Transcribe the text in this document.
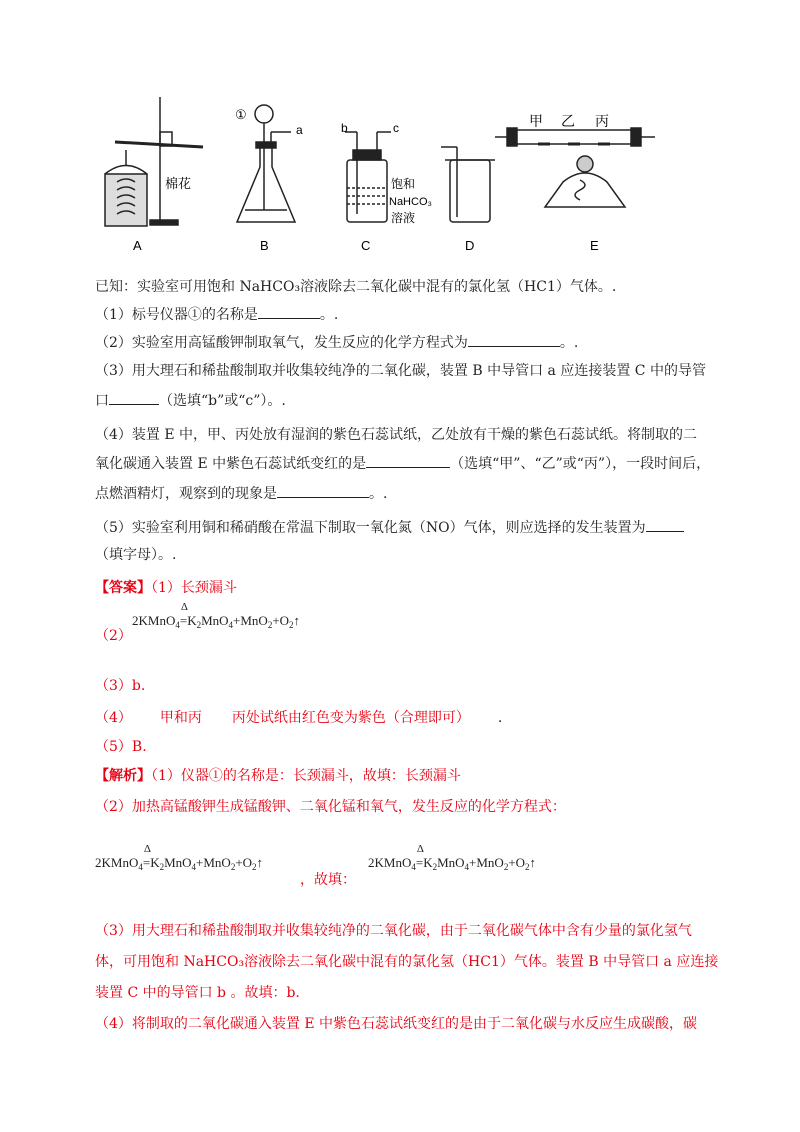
①
a	b	c
棉花	饱和
NaHCO₃
溶液
甲 乙 丙
A	B	C	D	E
已知：实验室可用饱和 NaHCO₃溶液除去二氧化碳中混有的氯化氢（HC1）气体。.
（1）标号仪器①的名称是	。.
（2）实验室用高锰酸钾制取氧气，发生反应的化学方程式为	。.
（3）用大理石和稀盐酸制取并收集较纯净的二氧化碳，装置 B 中导管口 a 应连接装置 C 中的导管
口	（选填“b”或“c”）。.
（4）装置 E 中，甲、丙处放有湿润的紫色石蕊试纸，乙处放有干燥的紫色石蕊试纸。将制取的二
氧化碳通入装置 E 中紫色石蕊试纸变红的是	（选填“甲”、“乙”或“丙”），一段时间后，
点燃酒精灯，观察到的现象是	。.
（5）实验室利用铜和稀硝酸在常温下制取一氧化氮（NO）气体，则应选择的发生装置为
（填字母）。.
【答案】（1）长颈漏斗
（2）
2KMnO$_4$
Δ
$=K_2MnO_4+MnO_2+O_2↑$
（3）b.
（4） 甲和丙 丙处试纸由红色变为紫色（合理即可） .
（5）B.
【解析】（1）仪器①的名称是：长颈漏斗，故填：长颈漏斗
（2）加热高锰酸钾生成锰酸钾、二氧化锰和氧气，发生反应的化学方程式：
2KMnO$_4$
Δ
$=K_2MnO_4+MnO_2+O_2↑$
，故填：
2KMnO$_4$
Δ
$=K_2MnO_4+MnO_2+O_2↑$
（3）用大理石和稀盐酸制取并收集较纯净的二氧化碳，由于二氧化碳气体中含有少量的氯化氢气
体，可用饱和 NaHCO₃溶液除去二氧化碳中混有的氯化氢（HC1）气体。装置 B 中导管口 a 应连接
装置 C 中的导管口 b 。故填：b.
（4）将制取的二氧化碳通入装置 E 中紫色石蕊试纸变红的是由于二氧化碳与水反应生成碳酸，碳
